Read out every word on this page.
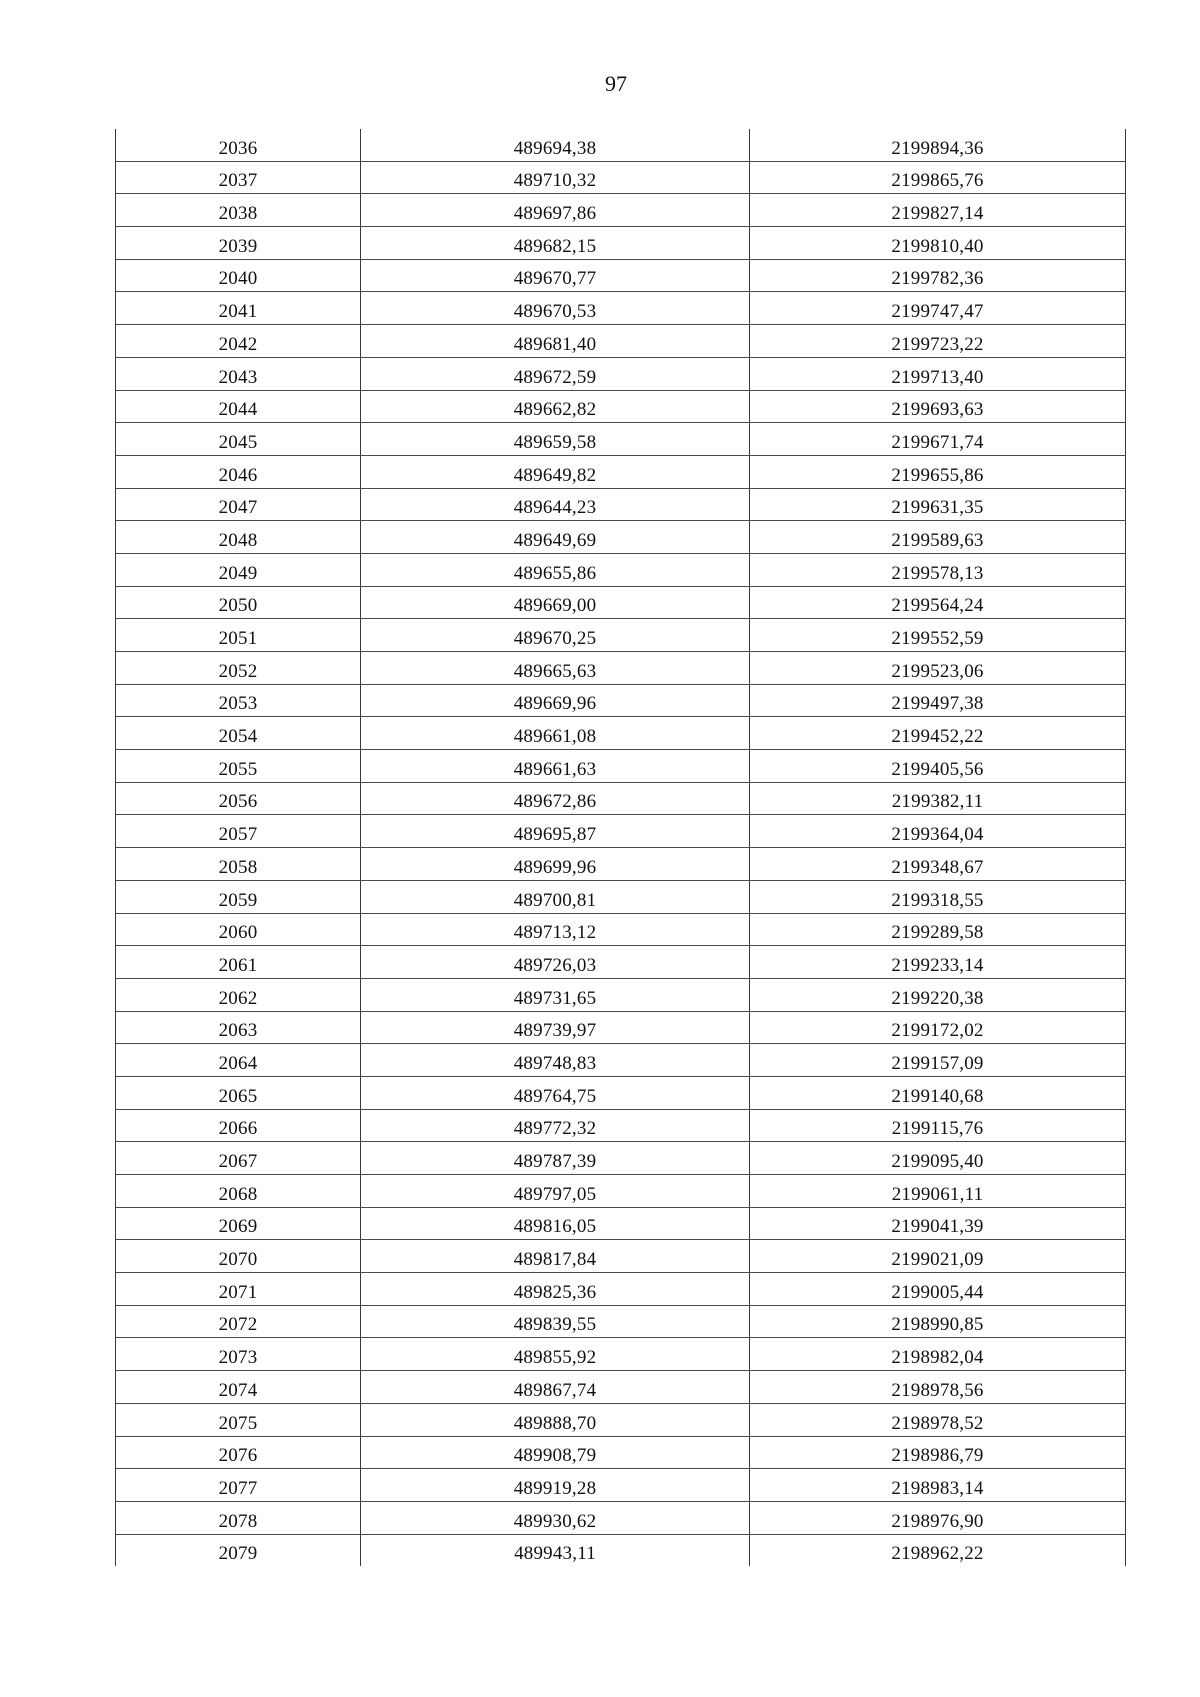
97
2036	489694,38	2199894,36
2037	489710,32	2199865,76
2038	489697,86	2199827,14
2039	489682,15	2199810,40
2040	489670,77	2199782,36
2041	489670,53	2199747,47
2042	489681,40	2199723,22
2043	489672,59	2199713,40
2044	489662,82	2199693,63
2045	489659,58	2199671,74
2046	489649,82	2199655,86
2047	489644,23	2199631,35
2048	489649,69	2199589,63
2049	489655,86	2199578,13
2050	489669,00	2199564,24
2051	489670,25	2199552,59
2052	489665,63	2199523,06
2053	489669,96	2199497,38
2054	489661,08	2199452,22
2055	489661,63	2199405,56
2056	489672,86	2199382,11
2057	489695,87	2199364,04
2058	489699,96	2199348,67
2059	489700,81	2199318,55
2060	489713,12	2199289,58
2061	489726,03	2199233,14
2062	489731,65	2199220,38
2063	489739,97	2199172,02
2064	489748,83	2199157,09
2065	489764,75	2199140,68
2066	489772,32	2199115,76
2067	489787,39	2199095,40
2068	489797,05	2199061,11
2069	489816,05	2199041,39
2070	489817,84	2199021,09
2071	489825,36	2199005,44
2072	489839,55	2198990,85
2073	489855,92	2198982,04
2074	489867,74	2198978,56
2075	489888,70	2198978,52
2076	489908,79	2198986,79
2077	489919,28	2198983,14
2078	489930,62	2198976,90
2079	489943,11	2198962,22
